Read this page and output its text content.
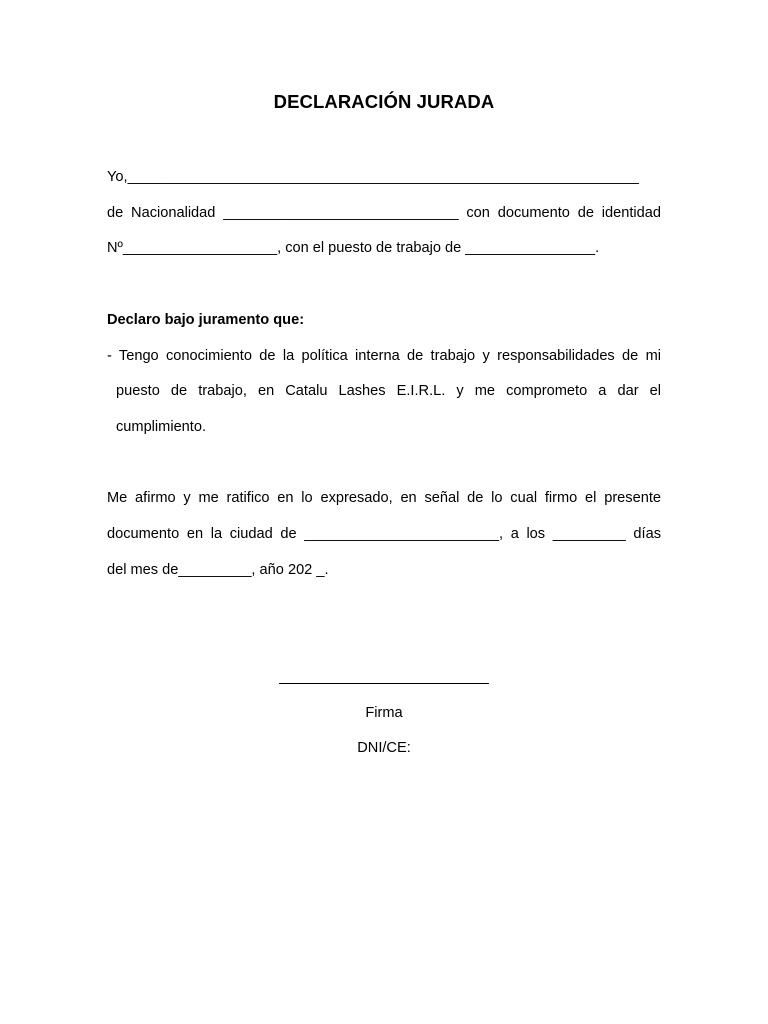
DECLARACIÓN JURADA
Yo,_______________________________________________________________
de Nacionalidad _____________________________ con documento de identidad
Nº___________________, con el puesto de trabajo de ________________.
Declaro bajo juramento que:
- Tengo conocimiento de la política interna de trabajo y responsabilidades de mi
puesto de trabajo, en Catalu Lashes E.I.R.L. y me comprometo a dar el
cumplimiento.
Me afirmo y me ratifico en lo expresado, en señal de lo cual firmo el presente
documento en la ciudad de ________________________, a los _________ días
del mes de_________, año 202 _.
Firma
DNI/CE:
